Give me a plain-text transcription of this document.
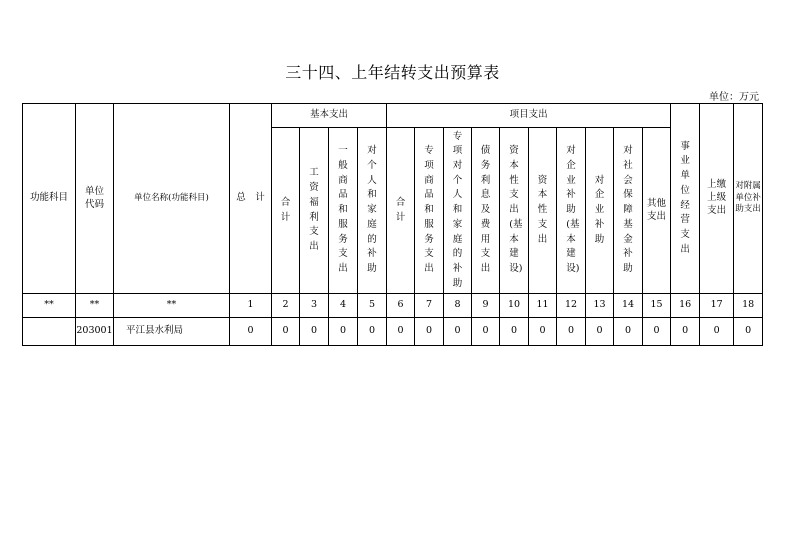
三十四、上年结转支出预算表
单位：万元
功能科目	单位代码	单位名称(功能科目)	总　计	基本支出				项目支出										事业单位经营支出	上缴上级支出	对附属单位补助支出
				合计	工资福利支出	一般商品和服务支出	对个人和家庭的补助	合计	专项商品和服务支出	专项对个人和家庭的补助	债务利息及费用支出	资本性支出(基本建设)	资本性支出	对企业补助(基本建设)	对企业补助	对社会保障基金补助	其他支出			
**	**	**	1	2	3	4	5	6	7	8	9	10	11	12	13	14	15	16	17	18
	203001	平江县水利局	0	0	0	0	0	0	0	0	0	0	0	0	0	0	0	0	0	0
